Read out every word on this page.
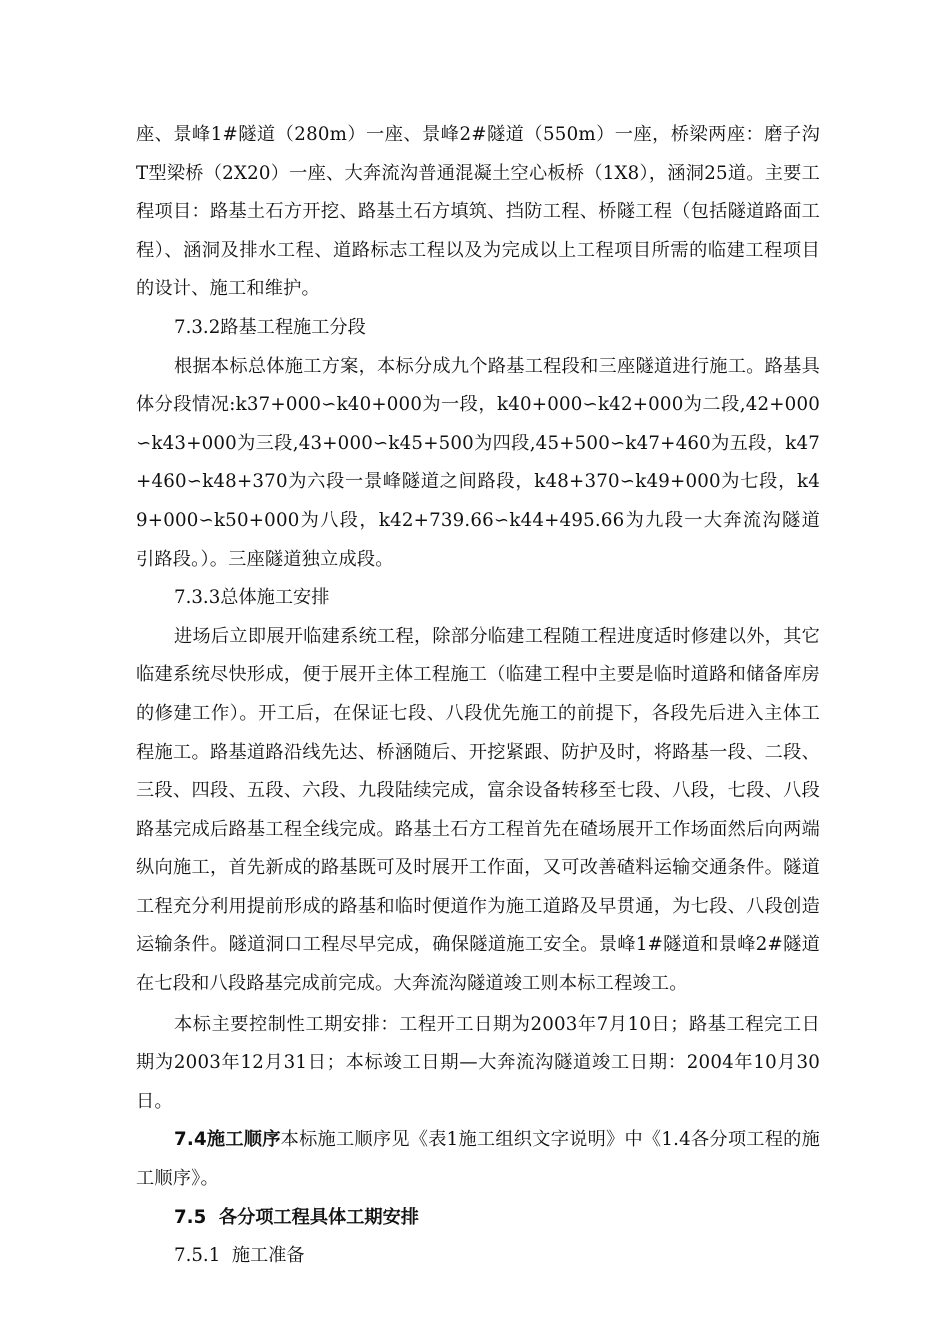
座、景峰1#隧道（280m）一座、景峰2#隧道（550m）一座，桥梁两座：磨子沟T型梁桥（2X20）一座、大奔流沟普通混凝土空心板桥（1X8），涵洞25道。主要工程项目：路基土石方开挖、路基土石方填筑、挡防工程、桥隧工程（包括隧道路面工程）、涵洞及排水工程、道路标志工程以及为完成以上工程项目所需的临建工程项目的设计、施工和维护。

7.3.2路基工程施工分段

根据本标总体施工方案，本标分成九个路基工程段和三座隧道进行施工。路基具体分段情况:k37+000∽k40+000为一段，k40+000∽k42+000为二段,42+000∽k43+000为三段,43+000∽k45+500为四段,45+500∽k47+460为五段，k47+460∽k48+370为六段一景峰隧道之间路段，k48+370∽k49+000为七段，k49+000∽k50+000为八段，k42+739.66∽k44+495.66为九段一大奔流沟隧道引路段。）。三座隧道独立成段。

7.3.3总体施工安排

进场后立即展开临建系统工程，除部分临建工程随工程进度适时修建以外，其它临建系统尽快形成，便于展开主体工程施工（临建工程中主要是临时道路和储备库房的修建工作）。开工后，在保证七段、八段优先施工的前提下，各段先后进入主体工程施工。路基道路沿线先达、桥涵随后、开挖紧跟、防护及时，将路基一段、二段、三段、四段、五段、六段、九段陆续完成，富余设备转移至七段、八段，七段、八段路基完成后路基工程全线完成。路基土石方工程首先在碴场展开工作场面然后向两端纵向施工，首先新成的路基既可及时展开工作面，又可改善碴料运输交通条件。隧道工程充分利用提前形成的路基和临时便道作为施工道路及早贯通，为七段、八段创造运输条件。隧道洞口工程尽早完成，确保隧道施工安全。景峰1#隧道和景峰2#隧道在七段和八段路基完成前完成。大奔流沟隧道竣工则本标工程竣工。

本标主要控制性工期安排：工程开工日期为2003年7月10日；路基工程完工日期为2003年12月31日；本标竣工日期—大奔流沟隧道竣工日期：2004年10月30日。

7.4施工顺序本标施工顺序见《表1施工组织文字说明》中《1.4各分项工程的施工顺序》。

7.5  各分项工程具体工期安排

7.5.1  施工准备
